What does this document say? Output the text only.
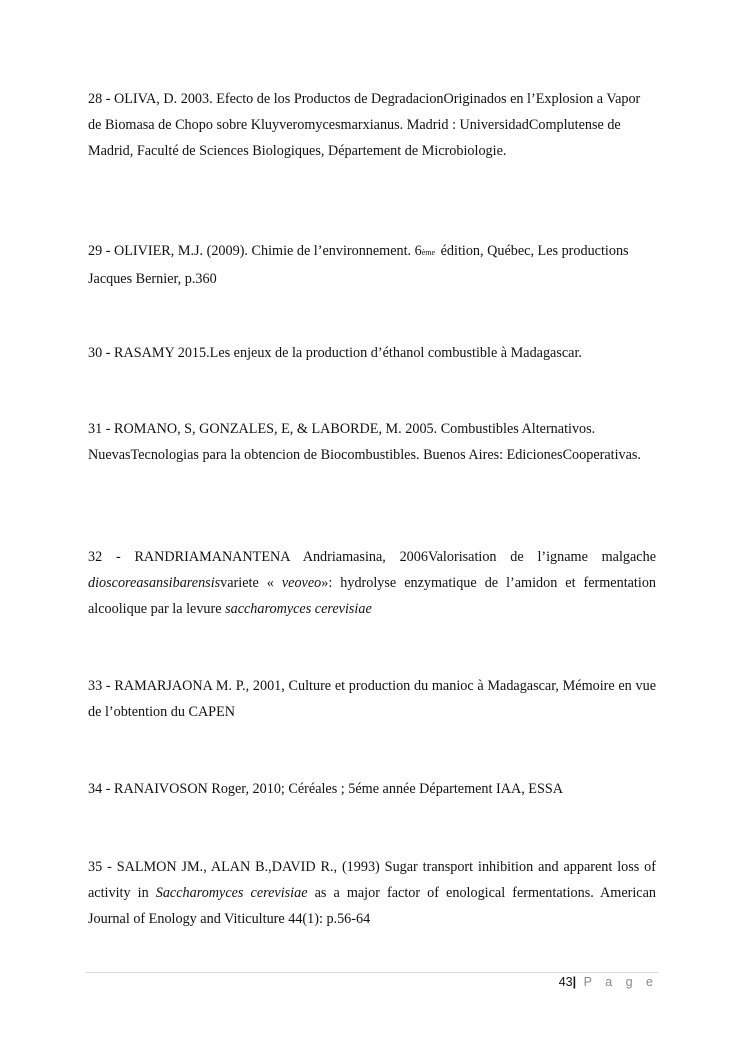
28 - OLIVA, D. 2003. Efecto de los Productos de DegradacionOriginados en l’Explosion a Vapor de Biomasa de Chopo sobre Kluyveromycesmarxianus. Madrid : UniversidadComplutense de Madrid, Faculté de Sciences Biologiques, Département de Microbiologie.

29 - OLIVIER, M.J. (2009). Chimie de l’environnement. 6ème édition, Québec, Les productions Jacques Bernier, p.360

30 - RASAMY 2015.Les enjeux de la production d’éthanol combustible à Madagascar.

31 - ROMANO, S, GONZALES, E, & LABORDE, M. 2005. Combustibles Alternativos. NuevasTecnologias para la obtencion de Biocombustibles. Buenos Aires: EdicionesCooperativas.

32 - RANDRIAMANANTENA Andriamasina, 2006Valorisation de l’igname malgache dioscoreasansibarensisvariete « veoveo»: hydrolyse enzymatique de l’amidon et fermentation alcoolique par la levure saccharomyces cerevisiae

33 - RAMARJAONA M. P., 2001, Culture et production du manioc à Madagascar, Mémoire en vue de l’obtention du CAPEN

34 - RANAIVOSON Roger, 2010; Céréales ; 5éme année Département IAA, ESSA

35 - SALMON JM., ALAN B.,DAVID R., (1993) Sugar transport inhibition and apparent loss of activity in Saccharomyces cerevisiae as a major factor of enological fermentations. American Journal of Enology and Viticulture 44(1): p.56-64

43| P a g e
